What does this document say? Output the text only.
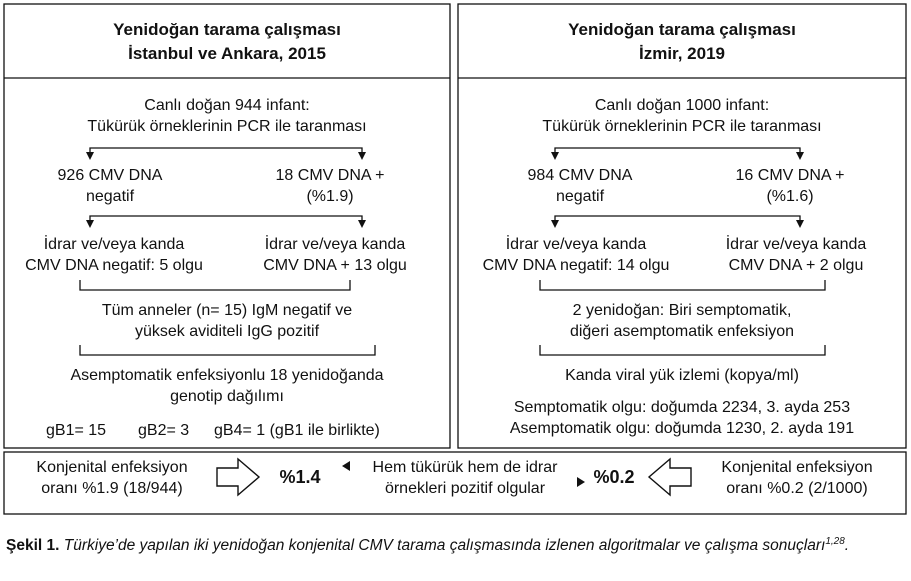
Yenidoğan tarama çalışması
İstanbul ve Ankara, 2015
Canlı doğan 944 infant:
Tükürük örneklerinin PCR ile taranması
926 CMV DNA
negatif
18 CMV DNA +
(%1.9)
İdrar ve/veya kanda
CMV DNA negatif: 5 olgu
İdrar ve/veya kanda
CMV DNA + 13 olgu
Tüm anneler (n= 15) IgM negatif ve
yüksek aviditeli IgG pozitif
Asemptomatik enfeksiyonlu 18 yenidoğanda
genotip dağılımı
gB1= 15	gB2= 3	gB4= 1 (gB1 ile birlikte)
Yenidoğan tarama çalışması
İzmir, 2019
Canlı doğan 1000 infant:
Tükürük örneklerinin PCR ile taranması
984 CMV DNA
negatif
16 CMV DNA +
(%1.6)
İdrar ve/veya kanda
CMV DNA negatif: 14 olgu
İdrar ve/veya kanda
CMV DNA + 2 olgu
2 yenidoğan: Biri semptomatik,
diğeri asemptomatik enfeksiyon
Kanda viral yük izlemi (kopya/ml)
Semptomatik olgu: doğumda 2234, 3. ayda 253
Asemptomatik olgu: doğumda 1230, 2. ayda 191
Konjenital enfeksiyon
oranı %1.9 (18/944)
%1.4	Hem tükürük hem de idrar
örnekleri pozitif olgular
%0.2	Konjenital enfeksiyon
oranı %0.2 (2/1000)
Şekil 1. Türkiye’de yapılan iki yenidoğan konjenital CMV tarama çalışmasında izlenen algoritmalar ve çalışma sonuçları$^{1,28}$.
